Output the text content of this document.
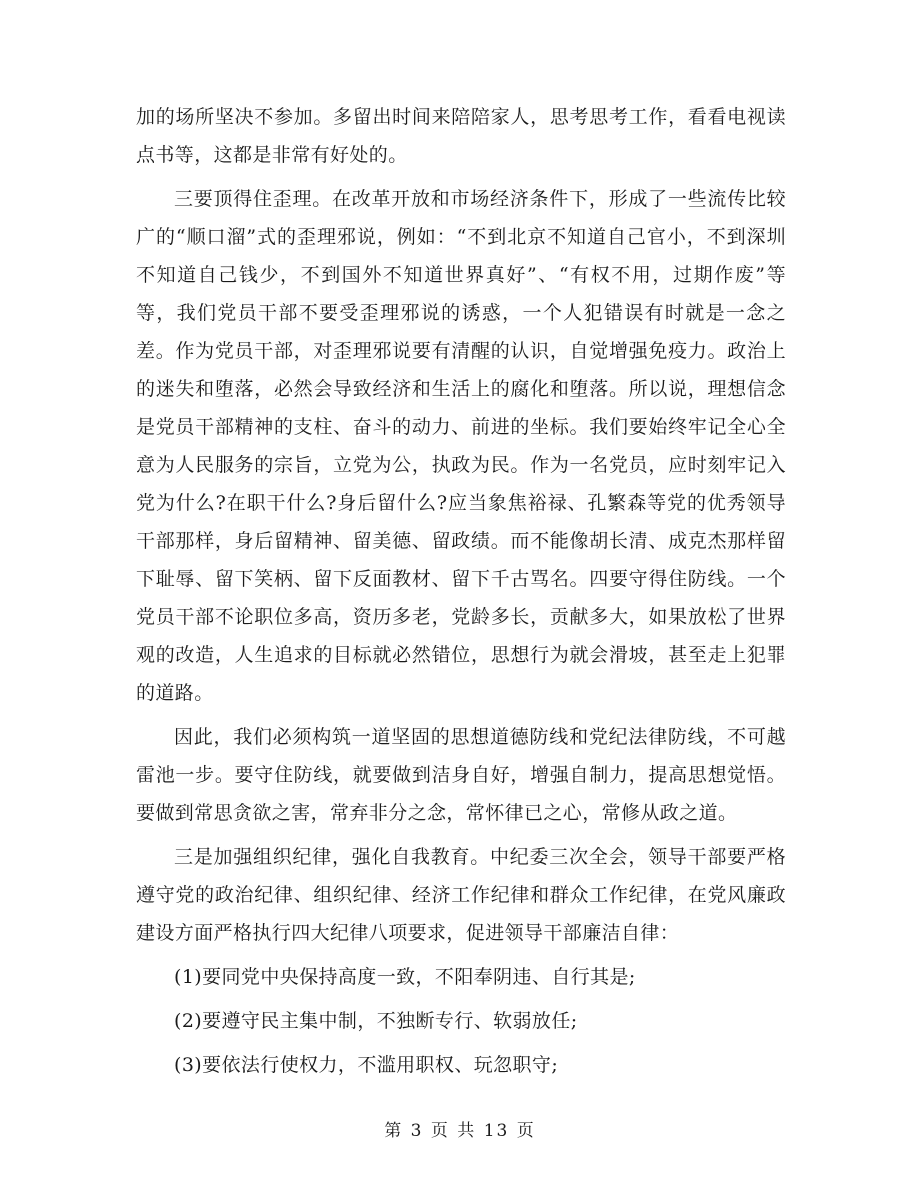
加的场所坚决不参加。多留出时间来陪陪家人，思考思考工作，看看电视读点书等，这都是非常有好处的。

三要顶得住歪理。在改革开放和市场经济条件下，形成了一些流传比较广的“顺口溜”式的歪理邪说，例如：“不到北京不知道自己官小，不到深圳不知道自己钱少，不到国外不知道世界真好”、“有权不用，过期作废”等等，我们党员干部不要受歪理邪说的诱惑，一个人犯错误有时就是一念之差。作为党员干部，对歪理邪说要有清醒的认识，自觉增强免疫力。政治上的迷失和堕落，必然会导致经济和生活上的腐化和堕落。所以说，理想信念是党员干部精神的支柱、奋斗的动力、前进的坐标。我们要始终牢记全心全意为人民服务的宗旨，立党为公，执政为民。作为一名党员，应时刻牢记入党为什么?在职干什么?身后留什么?应当象焦裕禄、孔繁森等党的优秀领导干部那样，身后留精神、留美德、留政绩。而不能像胡长清、成克杰那样留下耻辱、留下笑柄、留下反面教材、留下千古骂名。四要守得住防线。一个党员干部不论职位多高，资历多老，党龄多长，贡献多大，如果放松了世界观的改造，人生追求的目标就必然错位，思想行为就会滑坡，甚至走上犯罪的道路。

因此，我们必须构筑一道坚固的思想道德防线和党纪法律防线，不可越雷池一步。要守住防线，就要做到洁身自好，增强自制力，提高思想觉悟。要做到常思贪欲之害，常弃非分之念，常怀律已之心，常修从政之道。

三是加强组织纪律，强化自我教育。中纪委三次全会，领导干部要严格遵守党的政治纪律、组织纪律、经济工作纪律和群众工作纪律，在党风廉政建设方面严格执行四大纪律八项要求，促进领导干部廉洁自律：

(1)要同党中央保持高度一致，不阳奉阴违、自行其是;

(2)要遵守民主集中制，不独断专行、软弱放任;

(3)要依法行使权力，不滥用职权、玩忽职守;

第 3 页 共 13 页
